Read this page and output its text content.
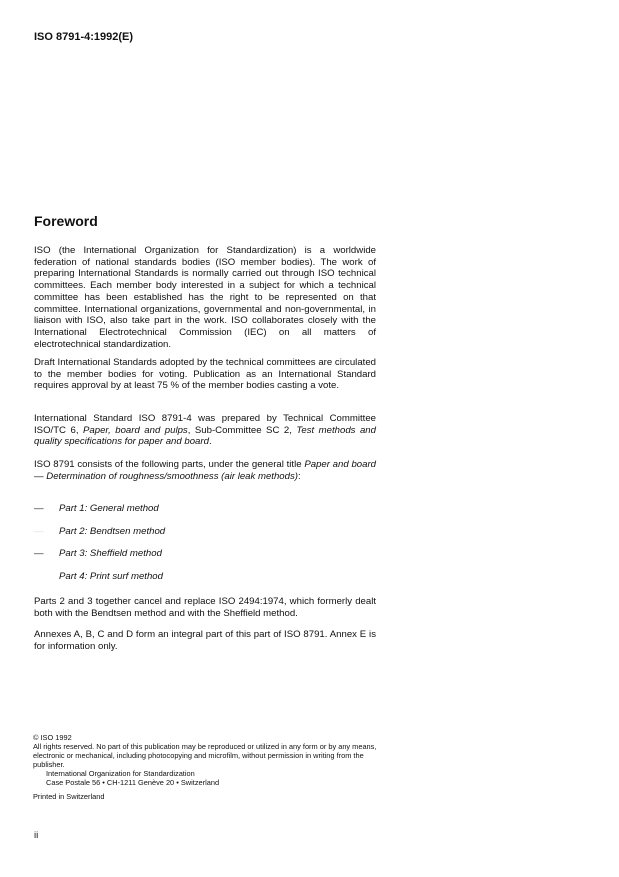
ISO 8791-4:1992(E)
Foreword
ISO (the International Organization for Standardization) is a worldwide federation of national standards bodies (ISO member bodies). The work of preparing International Standards is normally carried out through ISO technical committees. Each member body interested in a subject for which a technical committee has been established has the right to be represented on that committee. International organizations, governmental and non-governmental, in liaison with ISO, also take part in the work. ISO collaborates closely with the International Electrotechnical Commission (IEC) on all matters of electrotechnical standardization.
Draft International Standards adopted by the technical committees are circulated to the member bodies for voting. Publication as an International Standard requires approval by at least 75 % of the member bodies casting a vote.
International Standard ISO 8791-4 was prepared by Technical Committee ISO/TC 6, Paper, board and pulps, Sub-Committee SC 2, Test methods and quality specifications for paper and board.
ISO 8791 consists of the following parts, under the general title Paper and board — Determination of roughness/smoothness (air leak methods):
—	Part 1: General method
—	Part 2: Bendtsen method
—	Part 3: Sheffield method
Part 4: Print surf method
Parts 2 and 3 together cancel and replace ISO 2494:1974, which formerly dealt both with the Bendtsen method and with the Sheffield method.
Annexes A, B, C and D form an integral part of this part of ISO 8791. Annex E is for information only.
© ISO 1992
All rights reserved. No part of this publication may be reproduced or utilized in any form or by any means, electronic or mechanical, including photocopying and microfilm, without permission in writing from the publisher.
International Organization for Standardization
Case Postale 56 • CH-1211 Genève 20 • Switzerland
Printed in Switzerland
ii
